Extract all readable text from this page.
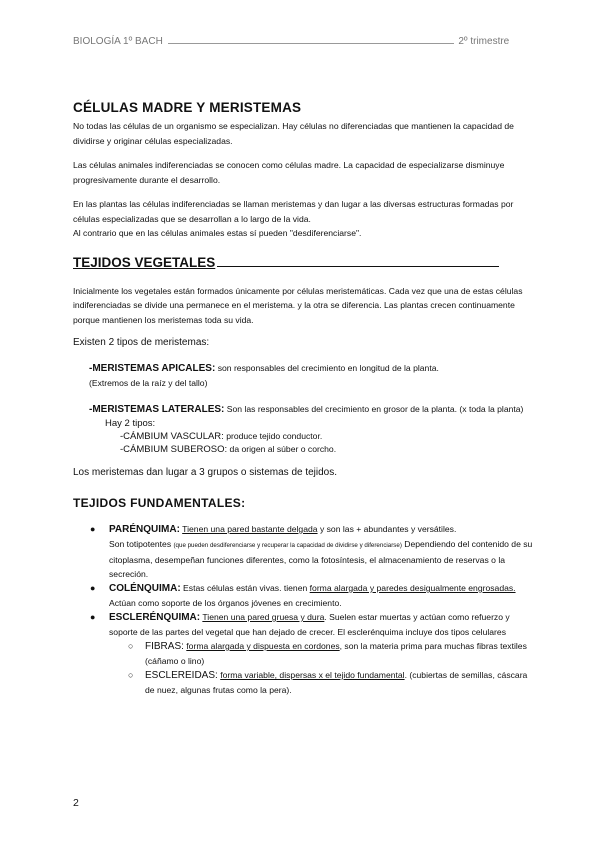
BIOLOGÍA 1º BACH	2º trimestre
CÉLULAS MADRE Y MERISTEMAS

No todas las células de un organismo se especializan. Hay células no diferenciadas que mantienen la capacidad de dividirse y originar células especializadas.

Las células animales indiferenciadas se conocen como células madre. La capacidad de especializarse disminuye progresivamente durante el desarrollo.

En las plantas las células indiferenciadas se llaman meristemas y dan lugar a las diversas estructuras formadas por células especializadas que se desarrollan a lo largo de la vida.
Al contrario que en las células animales estas sí pueden "desdiferenciarse".

TEJIDOS VEGETALES

Inicialmente los vegetales están formados únicamente por células meristemáticas. Cada vez que una de estas células indiferenciadas se divide una permanece en el meristema. y la otra se diferencia. Las plantas crecen continuamente porque mantienen los meristemas toda su vida.

Existen 2 tipos de meristemas:

-MERISTEMAS APICALES: son responsables del crecimiento en longitud de la planta.

(Extremos de la raíz y del tallo)

-MERISTEMAS LATERALES: Son las responsables del crecimiento en grosor de la planta. (x toda la planta)

Hay 2 tipos:
-CÁMBIUM VASCULAR: produce tejido conductor.
-CÁMBIUM SUBEROSO: da origen al súber o corcho.

Los meristemas dan lugar a 3 grupos o sistemas de tejidos.

TEJIDOS FUNDAMENTALES:
● PARÉNQUIMA: Tienen una pared bastante delgada y son las + abundantes y versátiles.
Son totipotentes (que pueden desdiferenciarse y recuperar la capacidad de dividirse y diferenciarse) Dependiendo del contenido de su citoplasma, desempeñan funciones diferentes, como la fotosíntesis, el almacenamiento de reservas o la secreción.
● COLÉNQUIMA: Estas células están vivas. tienen forma alargada y paredes desigualmente engrosadas. Actúan como soporte de los órganos jóvenes en crecimiento.
● ESCLERÉNQUIMA: Tienen una pared gruesa y dura. Suelen estar muertas y actúan como refuerzo y soporte de las partes del vegetal que han dejado de crecer. El esclerénquima incluye dos tipos celulares
○ FIBRAS: forma alargada y dispuesta en cordones, son la materia prima para muchas fibras textiles (cáñamo o lino)
○ ESCLEREIDAS: forma variable, dispersas x el tejido fundamental. (cubiertas de semillas, cáscara de nuez, algunas frutas como la pera).
2
